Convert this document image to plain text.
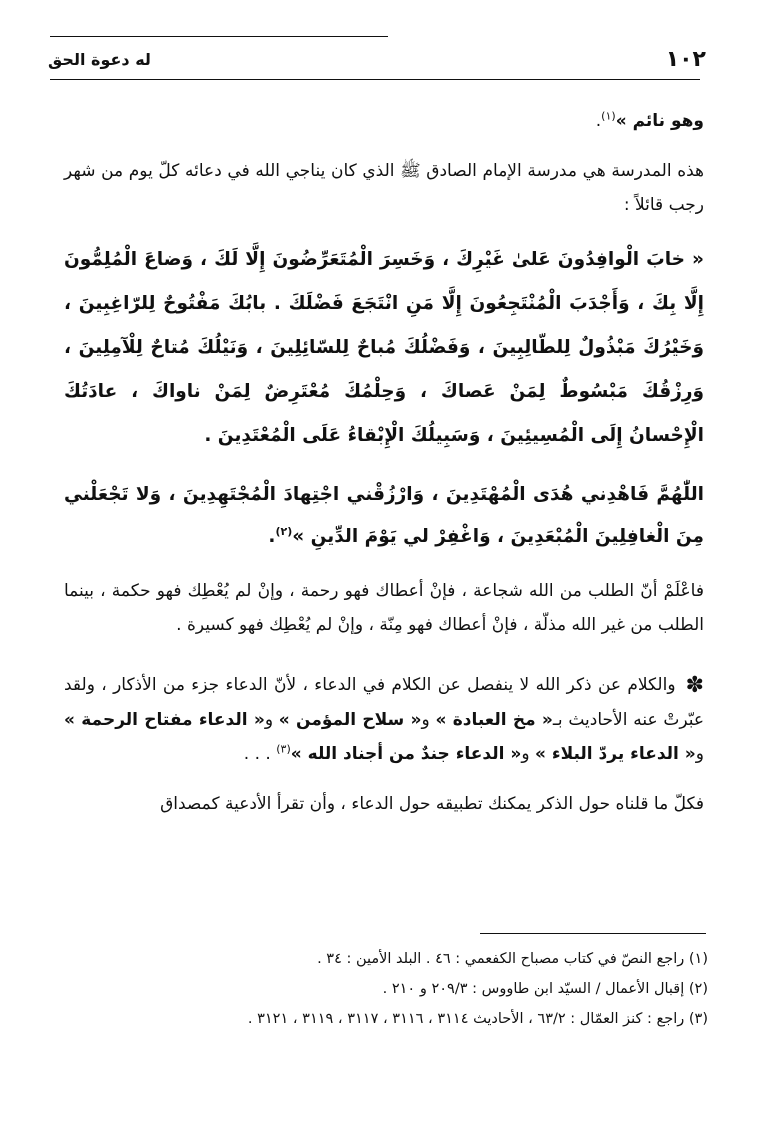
١٠٢
له دعوة الحق

وهو نائم »$^{(١)}$.

هذه المدرسة هي مدرسة الإمام الصادق ﷺ الذي كان يناجي الله في دعائه كلّ يوم من شهر رجب قائلاً :

« خابَ الْوافِدُونَ عَلىٰ غَيْرِكَ ، وَخَسِرَ الْمُتَعَرِّضُونَ إِلَّا لَكَ ، وَضاعَ الْمُلِمُّونَ إِلَّا بِكَ ، وَأَجْدَبَ الْمُنْتَجِعُونَ إِلَّا مَنِ انْتَجَعَ فَضْلَكَ . بابُكَ مَفْتُوحٌ لِلرّاغِبِينَ ، وَخَيْرُكَ مَبْذُولٌ لِلطّالِبِينَ ، وَفَضْلُكَ مُباحٌ لِلسّائِلِينَ ، وَنَيْلُكَ مُتاحٌ لِلْآمِلِينَ ، وَرِزْقُكَ مَبْسُوطٌ لِمَنْ عَصاكَ ، وَحِلْمُكَ مُعْتَرِضٌ لِمَنْ ناواكَ ، عادَتُكَ الْإِحْسانُ إِلَى الْمُسِيئِينَ ، وَسَبِيلُكَ الْإِبْقاءُ عَلَى الْمُعْتَدِينَ .

اللّٰهُمَّ فَاهْدِني هُدَى الْمُهْتَدِينَ ، وَارْزُقْني اجْتِهادَ الْمُجْتَهِدِينَ ، وَلا تَجْعَلْني مِنَ الْغافِلِينَ الْمُبْعَدِينَ ، وَاغْفِرْ لي يَوْمَ الدِّينِ »$^{(٢)}$.

فاعْلَمْ أنّ الطلب من الله شجاعة ، فإنْ أعطاك فهو رحمة ، وإنْ لم يُعْطِك فهو حكمة ، بينما الطلب من غير الله مذلّة ، فإنْ أعطاك فهو مِنّة ، وإنْ لم يُعْطِك فهو كسيرة .

✽والكلام عن ذكر الله لا ينفصل عن الكلام في الدعاء ، لأنّ الدعاء جزء من الأذكار ، ولقد عبّرتْ عنه الأحاديث بـ« مخ العبادة » و« سلاح المؤمن » و« الدعاء مفتاح الرحمة » و« الدعاء يردّ البلاء » و« الدعاء جندٌ من أجناد الله »$^{(٣)}$ . . .

فكلّ ما قلناه حول الذكر يمكنك تطبيقه حول الدعاء ، وأن تقرأ الأدعية كمصداق

(١) راجع النصّ في كتاب مصباح الكفعمي : ٤٦ . البلد الأمين : ٣٤ .
(٢) إقبال الأعمال / السيّد ابن طاووس : ٢٠٩/٣ و ٢١٠ .
(٣) راجع : كنز العمّال : ٦٣/٢ ، الأحاديث ٣١١٤ ، ٣١١٦ ، ٣١١٧ ، ٣١١٩ ، ٣١٢١ .
